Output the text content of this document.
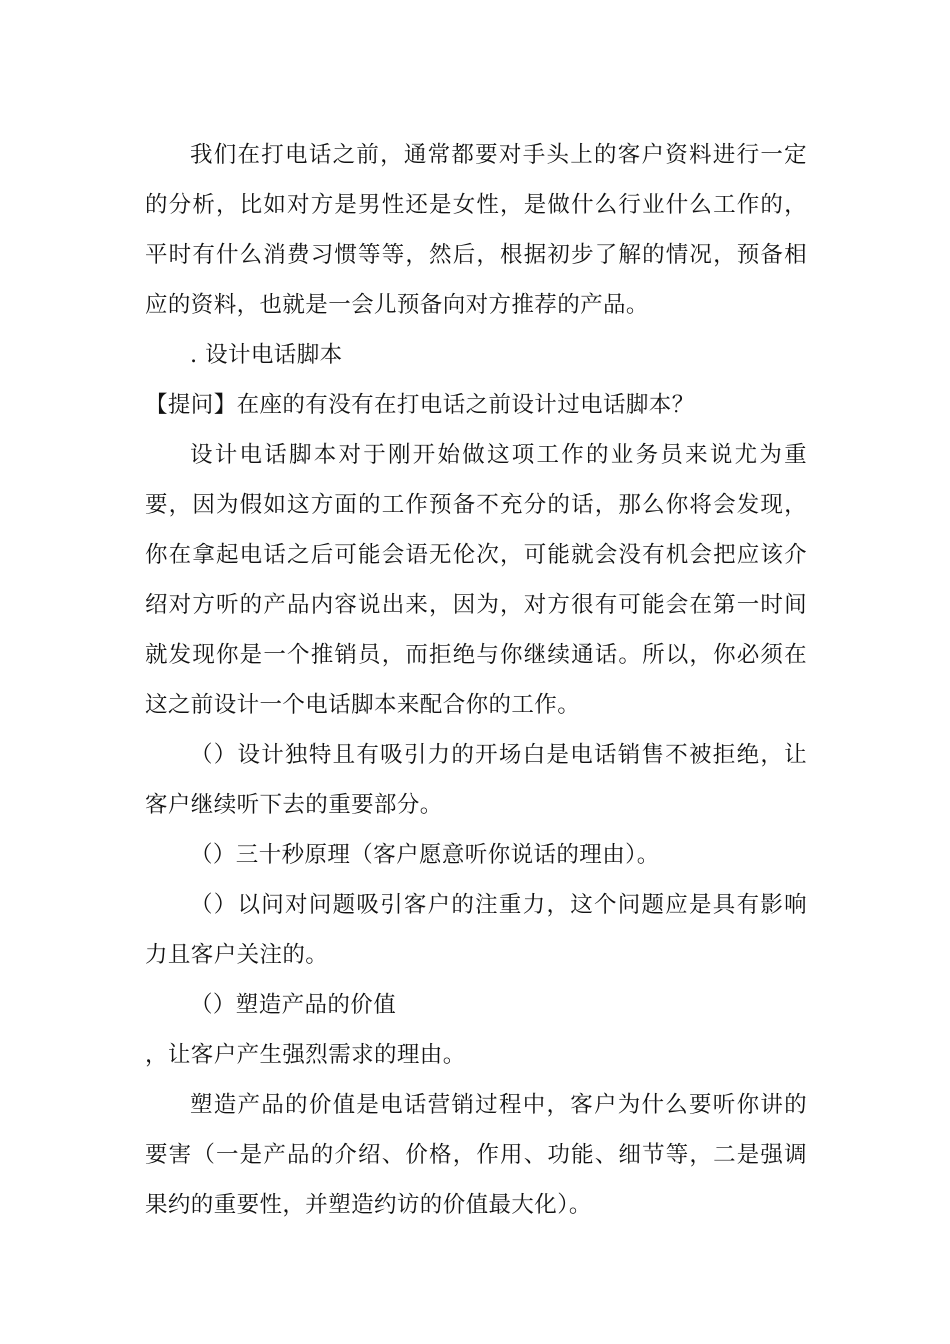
我们在打电话之前，通常都要对手头上的客户资料进行一定的分析，比如对方是男性还是女性，是做什么行业什么工作的，平时有什么消费习惯等等，然后，根据初步了解的情况，预备相应的资料，也就是一会儿预备向对方推荐的产品。

. 设计电话脚本

【提问】在座的有没有在打电话之前设计过电话脚本？

设计电话脚本对于刚开始做这项工作的业务员来说尤为重要，因为假如这方面的工作预备不充分的话，那么你将会发现，你在拿起电话之后可能会语无伦次，可能就会没有机会把应该介绍对方听的产品内容说出来，因为，对方很有可能会在第一时间就发现你是一个推销员，而拒绝与你继续通话。所以，你必须在这之前设计一个电话脚本来配合你的工作。

（）设计独特且有吸引力的开场白是电话销售不被拒绝，让客户继续听下去的重要部分。

（）三十秒原理（客户愿意听你说话的理由）。

（）以问对问题吸引客户的注重力，这个问题应是具有影响力且客户关注的。

（）塑造产品的价值

，让客户产生强烈需求的理由。

塑造产品的价值是电话营销过程中，客户为什么要听你讲的要害（一是产品的介绍、价格，作用、功能、细节等，二是强调果约的重要性，并塑造约访的价值最大化）。
